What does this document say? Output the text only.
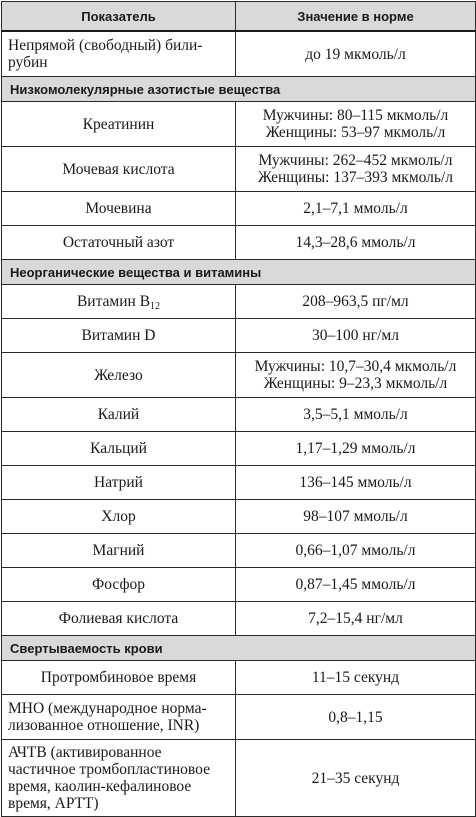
Показатель	Значение в норме
Непрямой (свободный) били-
рубин	до 19 мкмоль/л
Низкомолекулярные азотистые вещества	
Креатинин	Мужчины: 80–115 мкмоль/л
Женщины: 53–97 мкмоль/л
Мочевая кислота	Мужчины: 262–452 мкмоль/л
Женщины: 137–393 мкмоль/л
Мочевина	2,1–7,1 ммоль/л
Остаточный азот	14,3–28,6 ммоль/л
Неорганические вещества и витамины	
Витамин $B_{12}$	208–963,5 пг/мл
Витамин D	30–100 нг/мл
Железо	Мужчины: 10,7–30,4 мкмоль/л
Женщины: 9–23,3 мкмоль/л
Калий	3,5–5,1 ммоль/л
Кальций	1,17–1,29 ммоль/л
Натрий	136–145 ммоль/л
Хлор	98–107 ммоль/л
Магний	0,66–1,07 ммоль/л
Фосфор	0,87–1,45 ммоль/л
Фолиевая кислота	7,2–15,4 нг/мл
Свертываемость крови	
Протромбиновое время	11–15 секунд
МНО (международное норма-
лизованное отношение, INR)	0,8–1,15
АЧТВ (активированное
частичное тромбопластиновое
время, каолин-кефалиновое
время, APTT)	21–35 секунд
